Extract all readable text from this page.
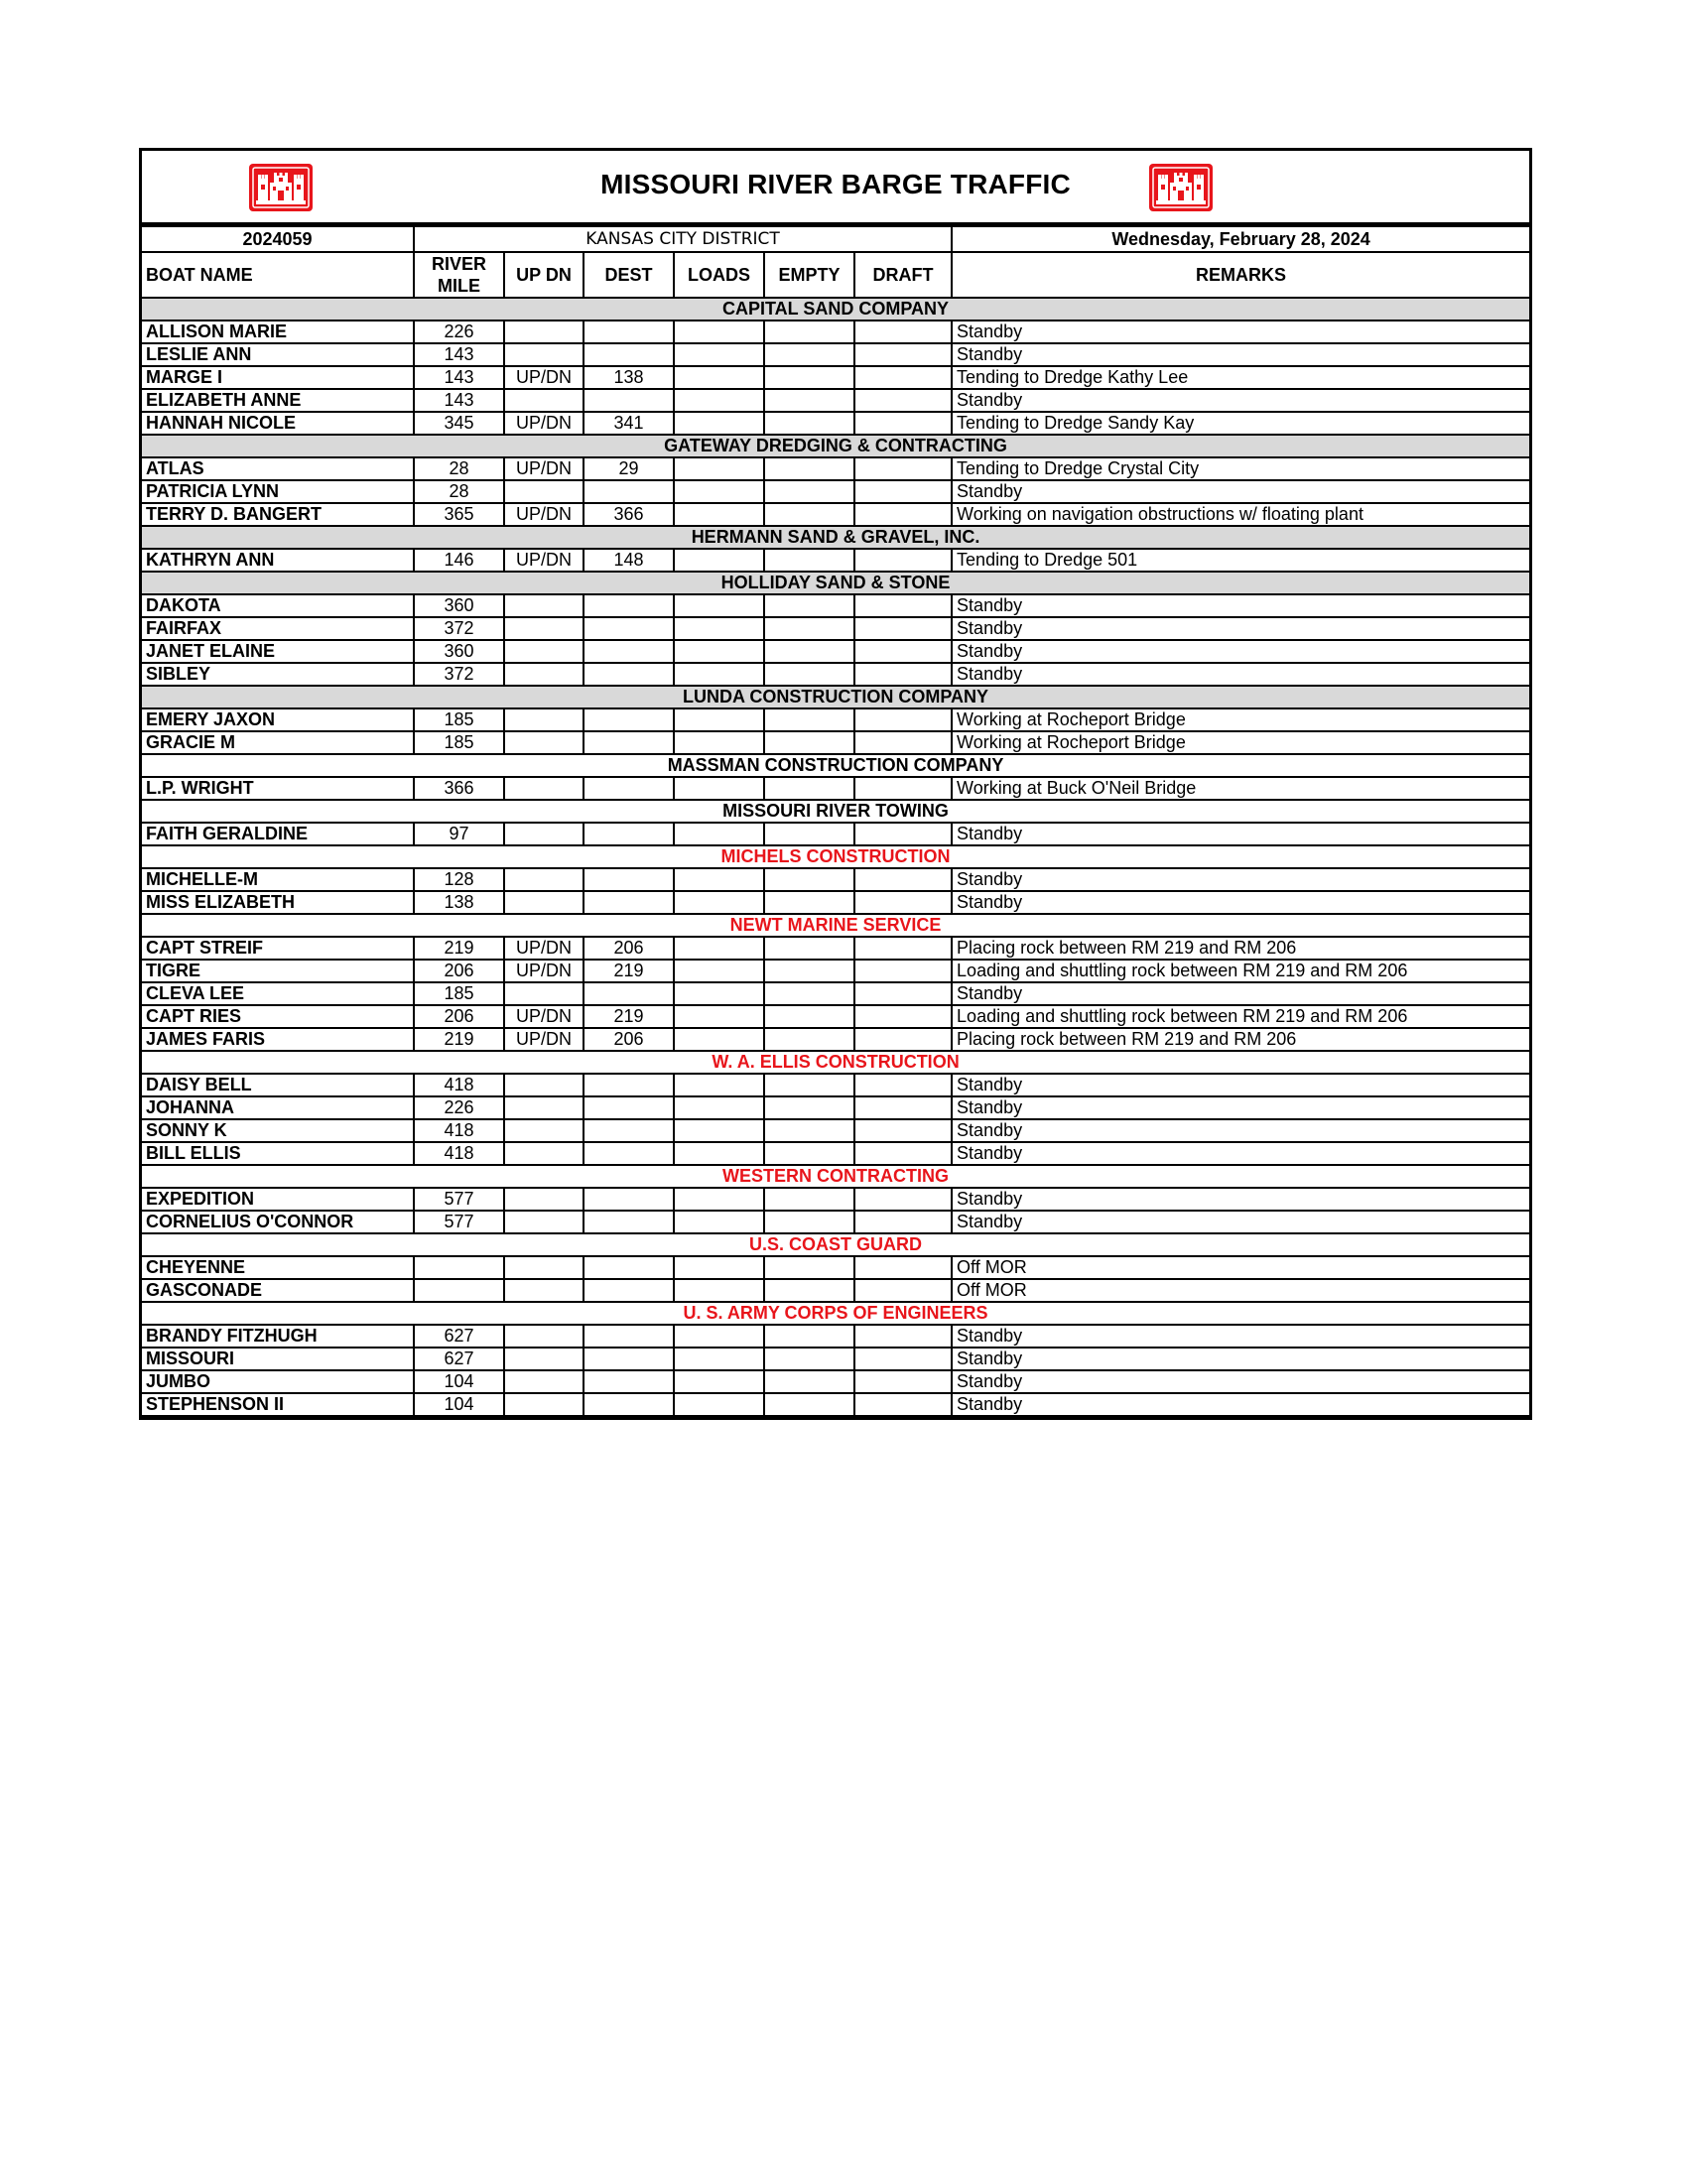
MISSOURI RIVER BARGE TRAFFIC
2024059	KANSAS CITY DISTRICT						Wednesday, February 28, 2024
BOAT NAME	RIVER MILE	UP DN	DEST	LOADS	EMPTY	DRAFT	REMARKS
CAPITAL SAND COMPANY							
ALLISON MARIE	226						Standby
LESLIE ANN	143						Standby
MARGE I	143	UP/DN	138				Tending to Dredge Kathy Lee
ELIZABETH ANNE	143						Standby
HANNAH NICOLE	345	UP/DN	341				Tending to Dredge Sandy Kay
GATEWAY DREDGING & CONTRACTING							
ATLAS	28	UP/DN	29				Tending to Dredge Crystal City
PATRICIA LYNN	28						Standby
TERRY D. BANGERT	365	UP/DN	366				Working on navigation obstructions w/ floating plant
HERMANN SAND & GRAVEL, INC.							
KATHRYN ANN	146	UP/DN	148				Tending to Dredge 501
HOLLIDAY SAND & STONE							
DAKOTA	360						Standby
FAIRFAX	372						Standby
JANET ELAINE	360						Standby
SIBLEY	372						Standby
LUNDA CONSTRUCTION COMPANY							
EMERY JAXON	185						Working at Rocheport Bridge
GRACIE M	185						Working at Rocheport Bridge
MASSMAN CONSTRUCTION COMPANY							
L.P. WRIGHT	366						Working at Buck O'Neil Bridge
MISSOURI RIVER TOWING							
FAITH GERALDINE	97						Standby
MICHELS CONSTRUCTION							
MICHELLE-M	128						Standby
MISS ELIZABETH	138						Standby
NEWT MARINE SERVICE							
CAPT STREIF	219	UP/DN	206				Placing rock between RM 219 and RM 206
TIGRE	206	UP/DN	219				Loading and shuttling rock between RM 219 and RM 206
CLEVA LEE	185						Standby
CAPT RIES	206	UP/DN	219				Loading and shuttling rock between RM 219 and RM 206
JAMES FARIS	219	UP/DN	206				Placing rock between RM 219 and RM 206
W. A. ELLIS CONSTRUCTION							
DAISY BELL	418						Standby
JOHANNA	226						Standby
SONNY K	418						Standby
BILL ELLIS	418						Standby
WESTERN CONTRACTING							
EXPEDITION	577						Standby
CORNELIUS O'CONNOR	577						Standby
U.S. COAST GUARD							
CHEYENNE							Off MOR
GASCONADE							Off MOR
U. S. ARMY CORPS OF ENGINEERS							
BRANDY FITZHUGH	627						Standby
MISSOURI	627						Standby
JUMBO	104						Standby
STEPHENSON II	104						Standby
